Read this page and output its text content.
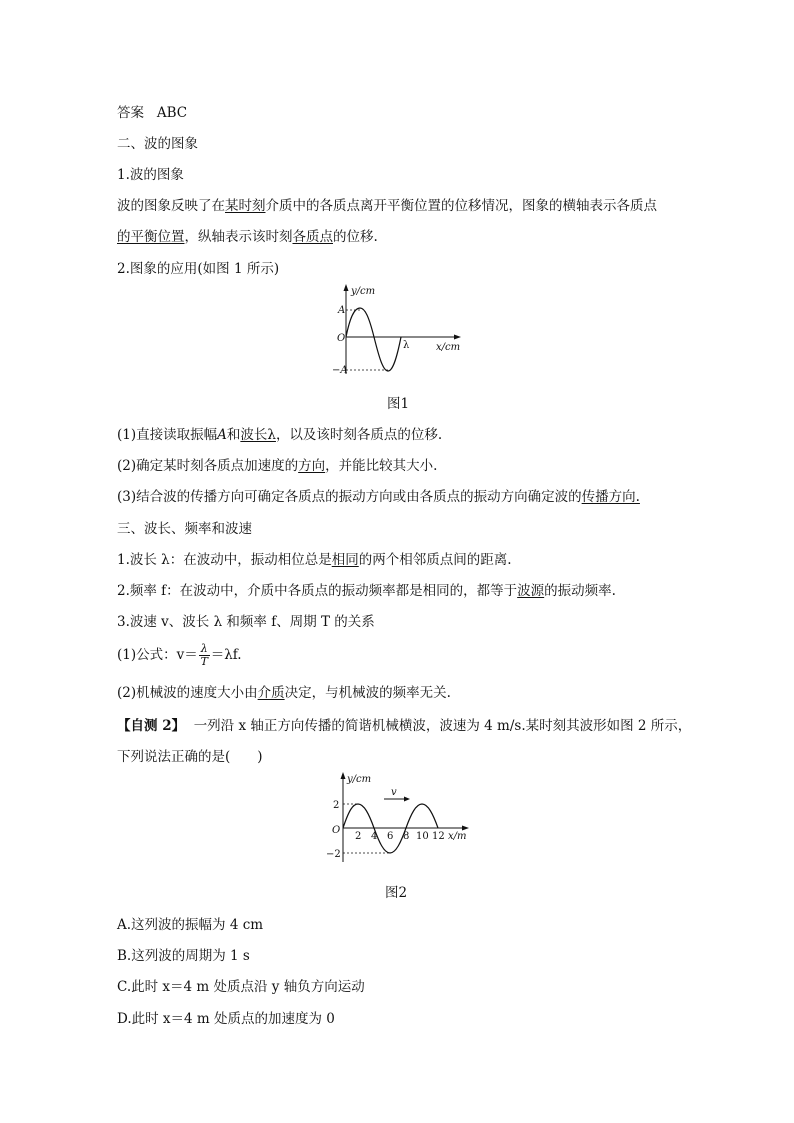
答案 ABC
二、波的图象
1.波的图象
波的图象反映了在某时刻介质中的各质点离开平衡位置的位移情况，图象的横轴表示各质点
的平衡位置，纵轴表示该时刻各质点的位移.
2.图象的应用(如图 1 所示)
y/cm
A
O
−A
λ	x/cm
图1
(1)直接读取振幅A和波长λ，以及该时刻各质点的位移.
(2)确定某时刻各质点加速度的方向，并能比较其大小.
(3)结合波的传播方向可确定各质点的振动方向或由各质点的振动方向确定波的传播方向.
三、波长、频率和波速
1.波长 λ：在波动中，振动相位总是相同的两个相邻质点间的距离.
2.频率 f：在波动中，介质中各质点的振动频率都是相同的，都等于波源的振动频率.
3.波速 v、波长 λ 和频率 f、周期 T 的关系
(1)公式：$v= \frac{\lambda}{T} =\lambda f$.
(2)机械波的速度大小由介质决定，与机械波的频率无关.
【自测 2】 一列沿 x 轴正方向传播的简谐机械横波，波速为 4 m/s.某时刻其波形如图 2 所示，
下列说法正确的是(　　)
v
y/cm
2
O
−2
2 4 6 8 10 12 x/m
图2
A.这列波的振幅为 4 cm
B.这列波的周期为 1 s
C.此时 x＝4 m 处质点沿 y 轴负方向运动
D.此时 x＝4 m 处质点的加速度为 0
